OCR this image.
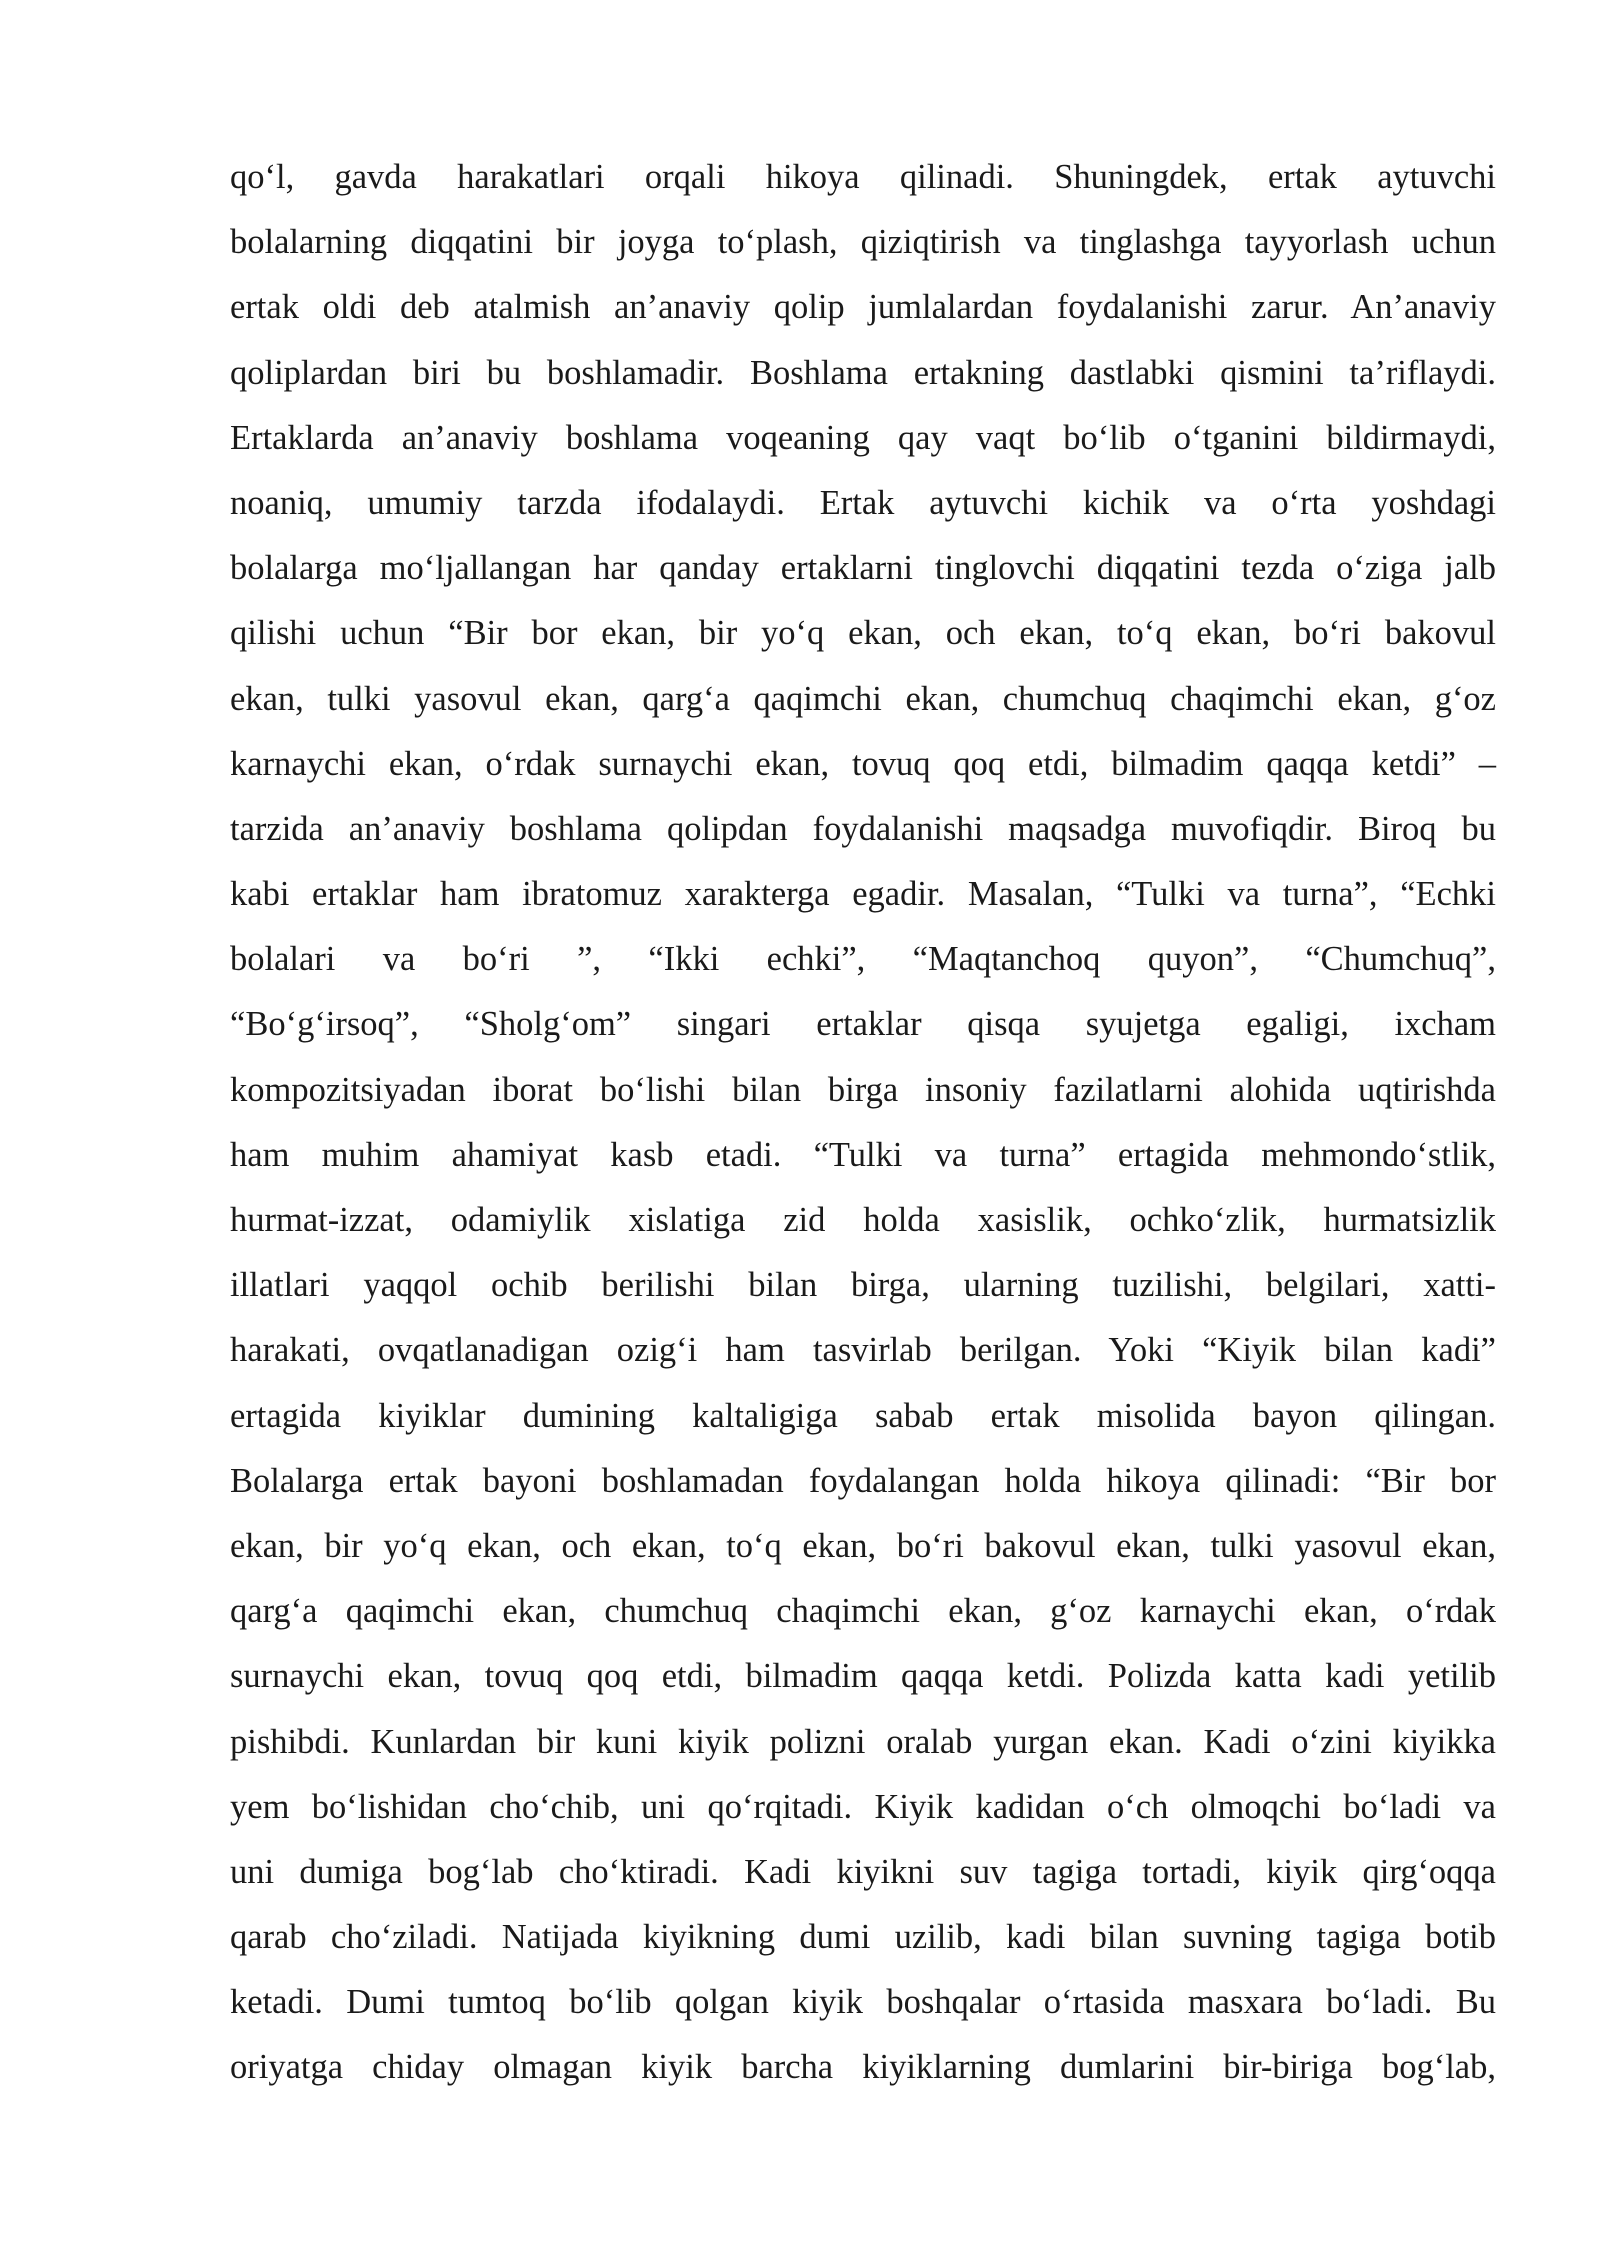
qo‘l, gavda harakatlari orqali hikoya qilinadi. Shuningdek, ertak aytuvchi
bolalarning diqqatini bir joyga to‘plash, qiziqtirish va tinglashga tayyorlash uchun
ertak oldi deb atalmish an’anaviy qolip jumlalardan foydalanishi zarur. An’anaviy
qoliplardan biri bu boshlamadir. Boshlama ertakning dastlabki qismini ta’riflaydi.
Ertaklarda an’anaviy boshlama voqeaning qay vaqt bo‘lib o‘tganini bildirmaydi,
noaniq, umumiy tarzda ifodalaydi. Ertak aytuvchi kichik va o‘rta yoshdagi
bolalarga mo‘ljallangan har qanday ertaklarni tinglovchi diqqatini tezda o‘ziga jalb
qilishi uchun “Bir bor ekan, bir yo‘q ekan, och ekan, to‘q ekan, bo‘ri bakovul
ekan, tulki yasovul ekan, qarg‘a qaqimchi ekan, chumchuq chaqimchi ekan, g‘oz
karnaychi ekan, o‘rdak surnaychi ekan, tovuq qoq etdi, bilmadim qaqqa ketdi” –
tarzida an’anaviy boshlama qolipdan foydalanishi maqsadga muvofiqdir. Biroq bu
kabi ertaklar ham ibratomuz xarakterga egadir. Masalan, “Tulki va turna”, “Echki
bolalari va bo‘ri ”, “Ikki echki”, “Maqtanchoq quyon”, “Chumchuq”,
“Bo‘g‘irsoq”, “Sholg‘om” singari ertaklar qisqa syujetga egaligi, ixcham
kompozitsiyadan iborat bo‘lishi bilan birga insoniy fazilatlarni alohida uqtirishda
ham muhim ahamiyat kasb etadi. “Tulki va turna” ertagida mehmondo‘stlik,
hurmat-izzat, odamiylik xislatiga zid holda xasislik, ochko‘zlik, hurmatsizlik
illatlari yaqqol ochib berilishi bilan birga, ularning tuzilishi, belgilari, xatti-
harakati, ovqatlanadigan ozig‘i ham tasvirlab berilgan. Yoki “Kiyik bilan kadi”
ertagida kiyiklar dumining kaltaligiga sabab ertak misolida bayon qilingan.
Bolalarga ertak bayoni boshlamadan foydalangan holda hikoya qilinadi: “Bir bor
ekan, bir yo‘q ekan, och ekan, to‘q ekan, bo‘ri bakovul ekan, tulki yasovul ekan,
qarg‘a qaqimchi ekan, chumchuq chaqimchi ekan, g‘oz karnaychi ekan, o‘rdak
surnaychi ekan, tovuq qoq etdi, bilmadim qaqqa ketdi. Polizda katta kadi yetilib
pishibdi. Kunlardan bir kuni kiyik polizni oralab yurgan ekan. Kadi o‘zini kiyikka
yem bo‘lishidan cho‘chib, uni qo‘rqitadi. Kiyik kadidan o‘ch olmoqchi bo‘ladi va
uni dumiga bog‘lab cho‘ktiradi. Kadi kiyikni suv tagiga tortadi, kiyik qirg‘oqqa
qarab cho‘ziladi. Natijada kiyikning dumi uzilib, kadi bilan suvning tagiga botib
ketadi. Dumi tumtoq bo‘lib qolgan kiyik boshqalar o‘rtasida masxara bo‘ladi. Bu
oriyatga chiday olmagan kiyik barcha kiyiklarning dumlarini bir-biriga bog‘lab,
